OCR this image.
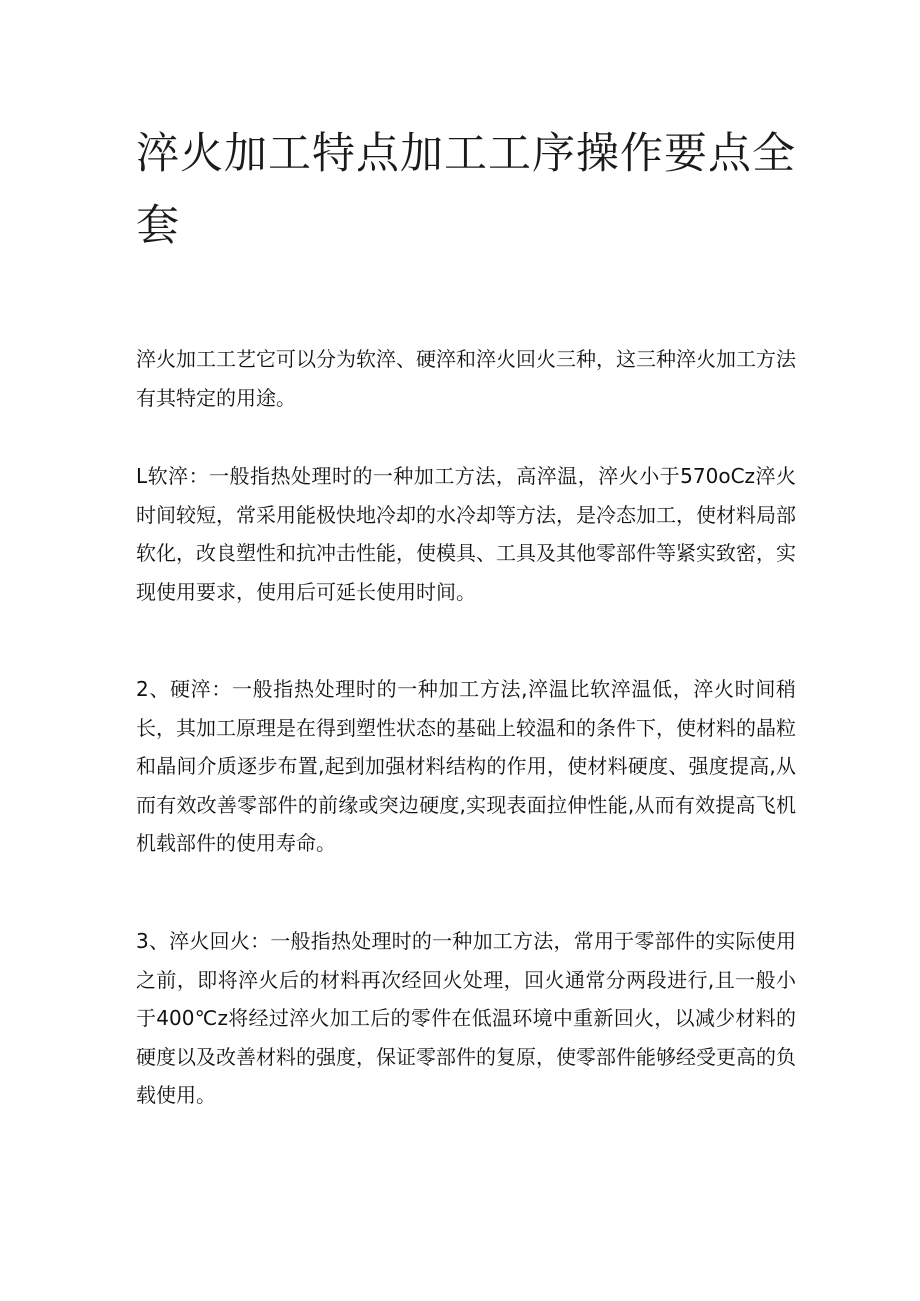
淬火加工特点加工工序操作要点全套

淬火加工工艺它可以分为软淬、硬淬和淬火回火三种，这三种淬火加工方法有其特定的用途。

L软淬：一般指热处理时的一种加工方法，高淬温，淬火小于570oCz淬火时间较短，常采用能极快地冷却的水冷却等方法，是冷态加工，使材料局部软化，改良塑性和抗冲击性能，使模具、工具及其他零部件等紧实致密，实现使用要求，使用后可延长使用时间。

2、硬淬：一般指热处理时的一种加工方法,淬温比软淬温低，淬火时间稍长，其加工原理是在得到塑性状态的基础上较温和的条件下，使材料的晶粒和晶间介质逐步布置,起到加强材料结构的作用，使材料硬度、强度提高,从而有效改善零部件的前缘或突边硬度,实现表面拉伸性能,从而有效提高飞机机载部件的使用寿命。

3、淬火回火：一般指热处理时的一种加工方法，常用于零部件的实际使用之前，即将淬火后的材料再次经回火处理，回火通常分两段进行,且一般小于400℃z将经过淬火加工后的零件在低温环境中重新回火，以减少材料的硬度以及改善材料的强度，保证零部件的复原，使零部件能够经受更高的负载使用。
